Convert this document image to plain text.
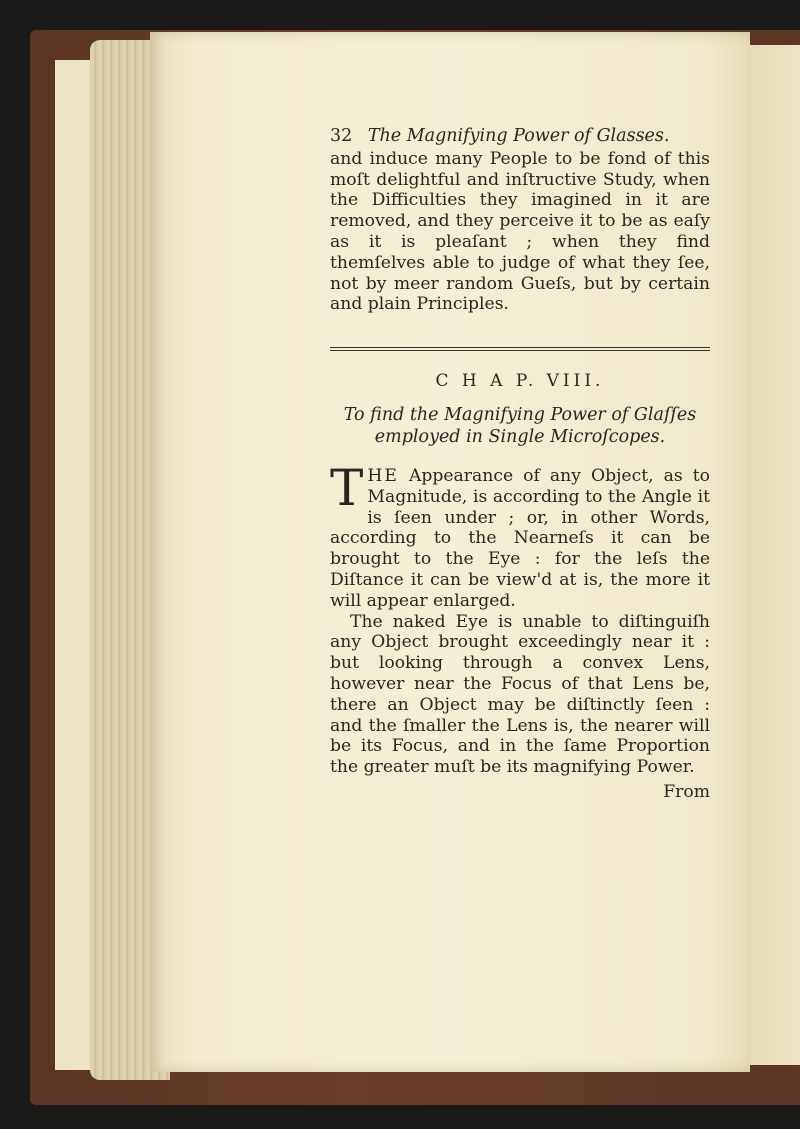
32 The Magnifying Power of Glasses.
and induce many People to be fond of this moſt delightful and inſtructive Study, when the Difficulties they imagined in it are removed, and they perceive it to be as eaſy as it is pleaſant ; when they find themſelves able to judge of what they ſee, not by meer random Gueſs, but by certain and plain Principles.
C H A P. VIII.
To find the Magnifying Power of Glaſſes
employed in Single Microſcopes.
THE Appearance of any Object, as to Magnitude, is according to the Angle it is ſeen under ; or, in other Words, according to the Nearneſs it can be brought to the Eye : for the leſs the Diſtance it can be view'd at is, the more it will appear enlarged.
The naked Eye is unable to diſtinguiſh any Object brought exceedingly near it : but looking through a convex Lens, however near the Focus of that Lens be, there an Object may be diſtinctly ſeen : and the ſmaller the Lens is, the nearer will be its Focus, and in the ſame Proportion the greater muſt be its magnifying Power.
From
